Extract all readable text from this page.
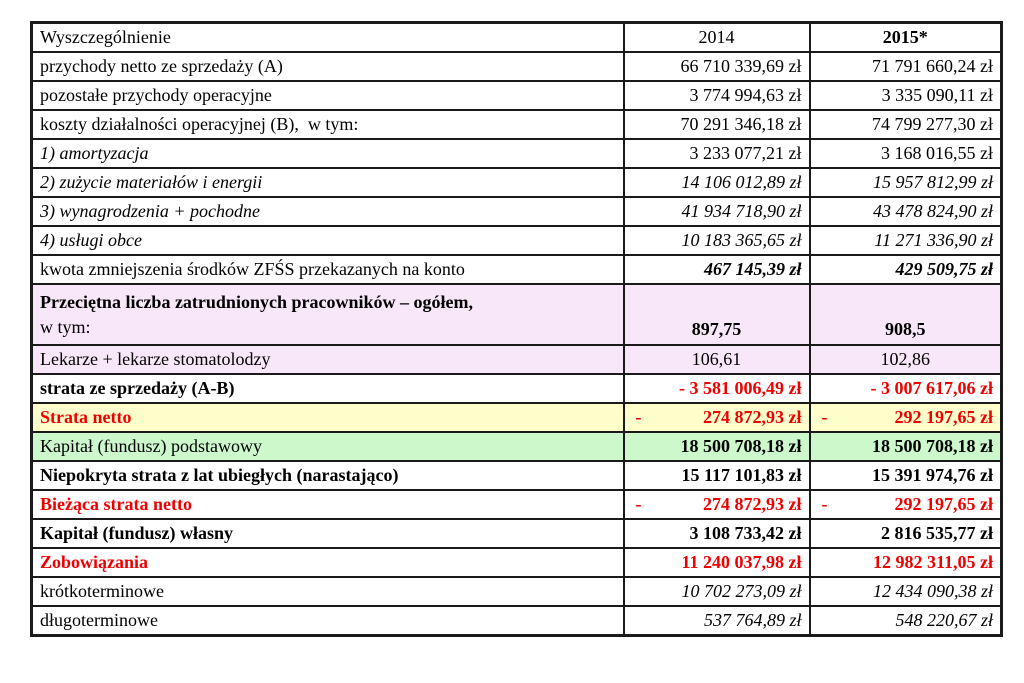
Wyszczególnienie	2014	2015*
przychody netto ze sprzedaży (A)	66 710 339,69 zł	71 791 660,24 zł
pozostałe przychody operacyjne	3 774 994,63 zł	3 335 090,11 zł
koszty działalności operacyjnej (B),  w tym:	70 291 346,18 zł	74 799 277,30 zł
1) amortyzacja	3 233 077,21 zł	3 168 016,55 zł
2) zużycie materiałów i energii	14 106 012,89 zł	15 957 812,99 zł
3) wynagrodzenia + pochodne	41 934 718,90 zł	43 478 824,90 zł
4) usługi obce	10 183 365,65 zł	11 271 336,90 zł
kwota zmniejszenia środków ZFŚS przekazanych na konto	467 145,39 zł	429 509,75 zł

Przeciętna liczba zatrudnionych pracowników – ogółem,
w tym:	897,75	908,5
Lekarze + lekarze stomatolodzy	106,61	102,86
strata ze sprzedaży (A-B)	- 3 581 006,49 zł	- 3 007 617,06 zł
Strata netto	- 274 872,93 zł	- 292 197,65 zł
Kapitał (fundusz) podstawowy	18 500 708,18 zł	18 500 708,18 zł
Niepokryta strata z lat ubiegłych (narastająco)	15 117 101,83 zł	15 391 974,76 zł
Bieżąca strata netto	- 274 872,93 zł	- 292 197,65 zł
Kapitał (fundusz) własny	3 108 733,42 zł	2 816 535,77 zł
Zobowiązania	11 240 037,98 zł	12 982 311,05 zł
krótkoterminowe	10 702 273,09 zł	12 434 090,38 zł
długoterminowe	537 764,89 zł	548 220,67 zł
